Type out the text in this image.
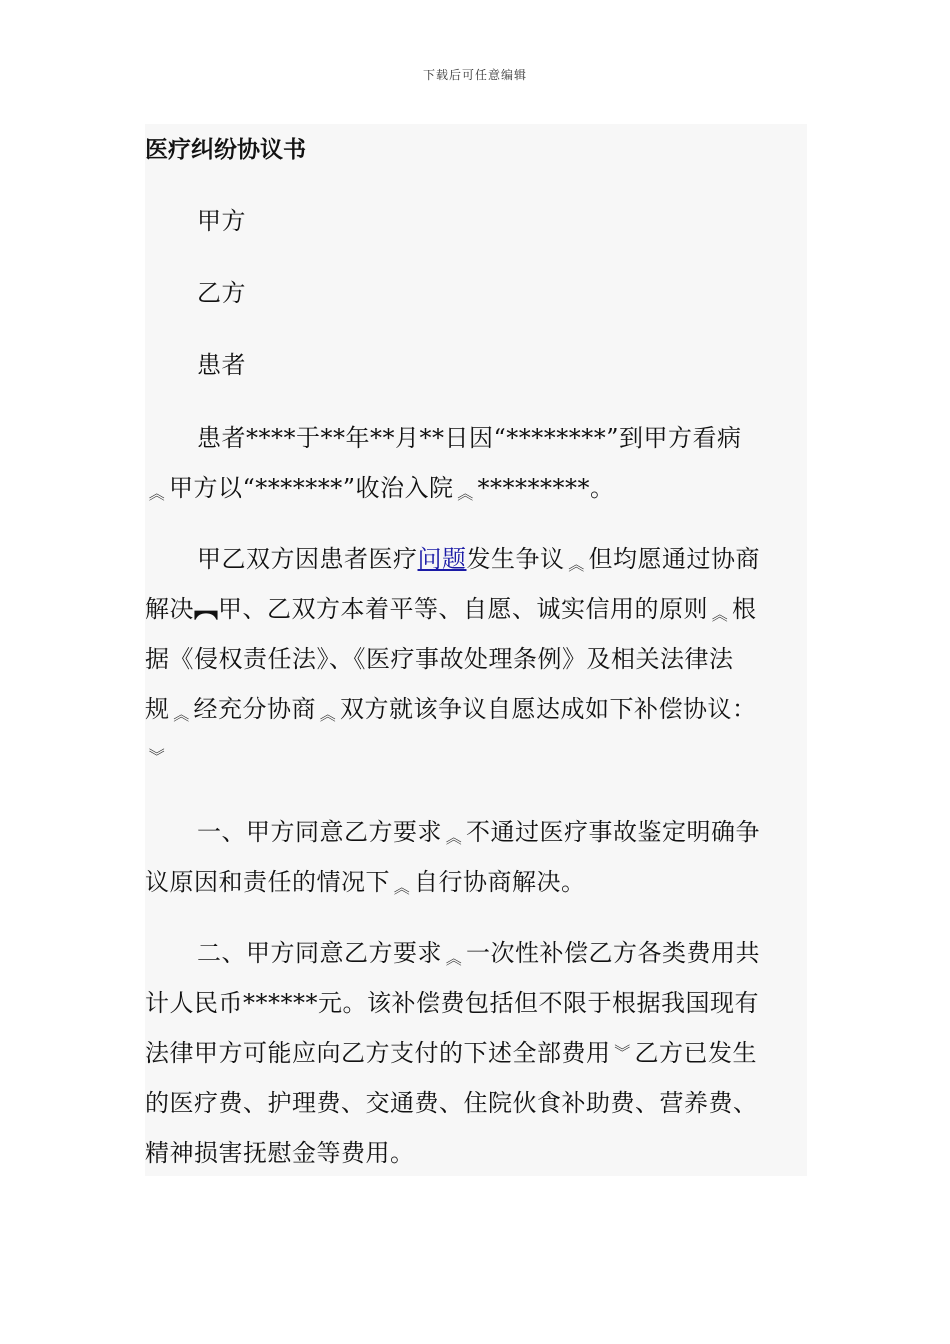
下载后可任意编辑
医疗纠纷协议书

甲方

乙方

患者

患者****于**年**月**日因“********”到甲方看病

︽ 甲方以“*******”收治入院 ︽ *********。

甲乙双方因患者医疗问题发生争议 ︽ 但均愿通过协商

解决︻甲、乙双方本着平等、自愿、诚实信用的原则 ︽ 根

据《侵权责任法》、《医疗事故处理条例》及相关法律法

规 ︽ 经充分协商 ︽ 双方就该争议自愿达成如下补偿协议：

︾

一、甲方同意乙方要求 ︽ 不通过医疗事故鉴定明确争

议原因和责任的情况下 ︽ 自行协商解决。

二、甲方同意乙方要求 ︽ 一次性补偿乙方各类费用共

计人民币******元。该补偿费包括但不限于根据我国现有

法律甲方可能应向乙方支付的下述全部费用 ︾ 乙方已发生

的医疗费、护理费、交通费、住院伙食补助费、营养费、

精神损害抚慰金等费用。
